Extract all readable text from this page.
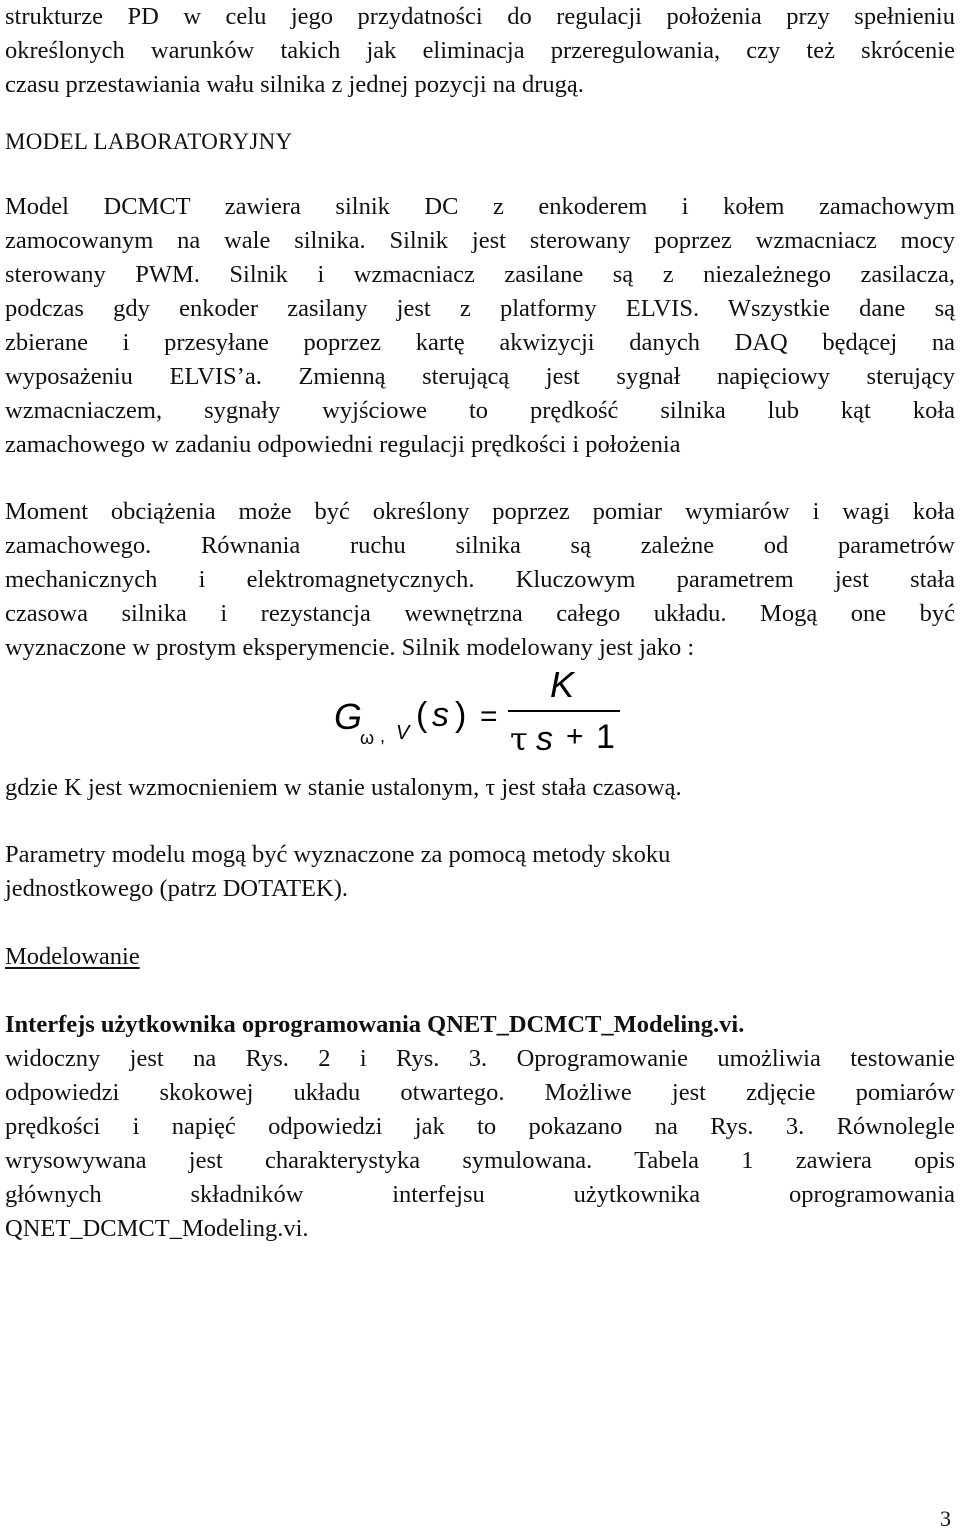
strukturze PD w celu jego przydatności do regulacji położenia przy spełnieniu
określonych warunków takich jak eliminacja przeregulowania, czy też skrócenie
czasu przestawiania wału silnika z jednej pozycji na drugą.
MODEL LABORATORYJNY
Model DCMCT zawiera silnik DC z enkoderem i kołem zamachowym
zamocowanym na wale silnika. Silnik jest sterowany poprzez wzmacniacz mocy
sterowany PWM. Silnik i wzmacniacz zasilane są z niezależnego zasilacza,
podczas gdy enkoder zasilany jest z platformy ELVIS. Wszystkie dane są
zbierane i przesyłane poprzez kartę akwizycji danych DAQ będącej na
wyposażeniu ELVIS’a. Zmienną sterującą jest sygnał napięciowy sterujący
wzmacniaczem, sygnały wyjściowe to prędkość silnika lub kąt koła
zamachowego w zadaniu odpowiedni regulacji prędkości i położenia
Moment obciążenia może być określony poprzez pomiar wymiarów i wagi koła
zamachowego. Równania ruchu silnika są zależne od parametrów
mechanicznych i elektromagnetycznych. Kluczowym parametrem jest stała
czasowa silnika i rezystancja wewnętrzna całego układu. Mogą one być
wyznaczone w prostym eksperymencie. Silnik modelowany jest jako :
G
ω , V ( s ) =
K
τ s + 1
gdzie K jest wzmocnieniem w stanie ustalonym, τ jest stała czasową.
Parametry modelu mogą być wyznaczone za pomocą metody skoku
jednostkowego (patrz DOTATEK).
Modelowanie
Interfejs użytkownika oprogramowania QNET_DCMCT_Modeling.vi.
widoczny jest na Rys. 2 i Rys. 3. Oprogramowanie umożliwia testowanie
odpowiedzi skokowej układu otwartego. Możliwe jest zdjęcie pomiarów
prędkości i napięć odpowiedzi jak to pokazano na Rys. 3. Równolegle
wrysowywana jest charakterystyka symulowana. Tabela 1 zawiera opis
głównych składników interfejsu użytkownika oprogramowania
QNET_DCMCT_Modeling.vi.
3
